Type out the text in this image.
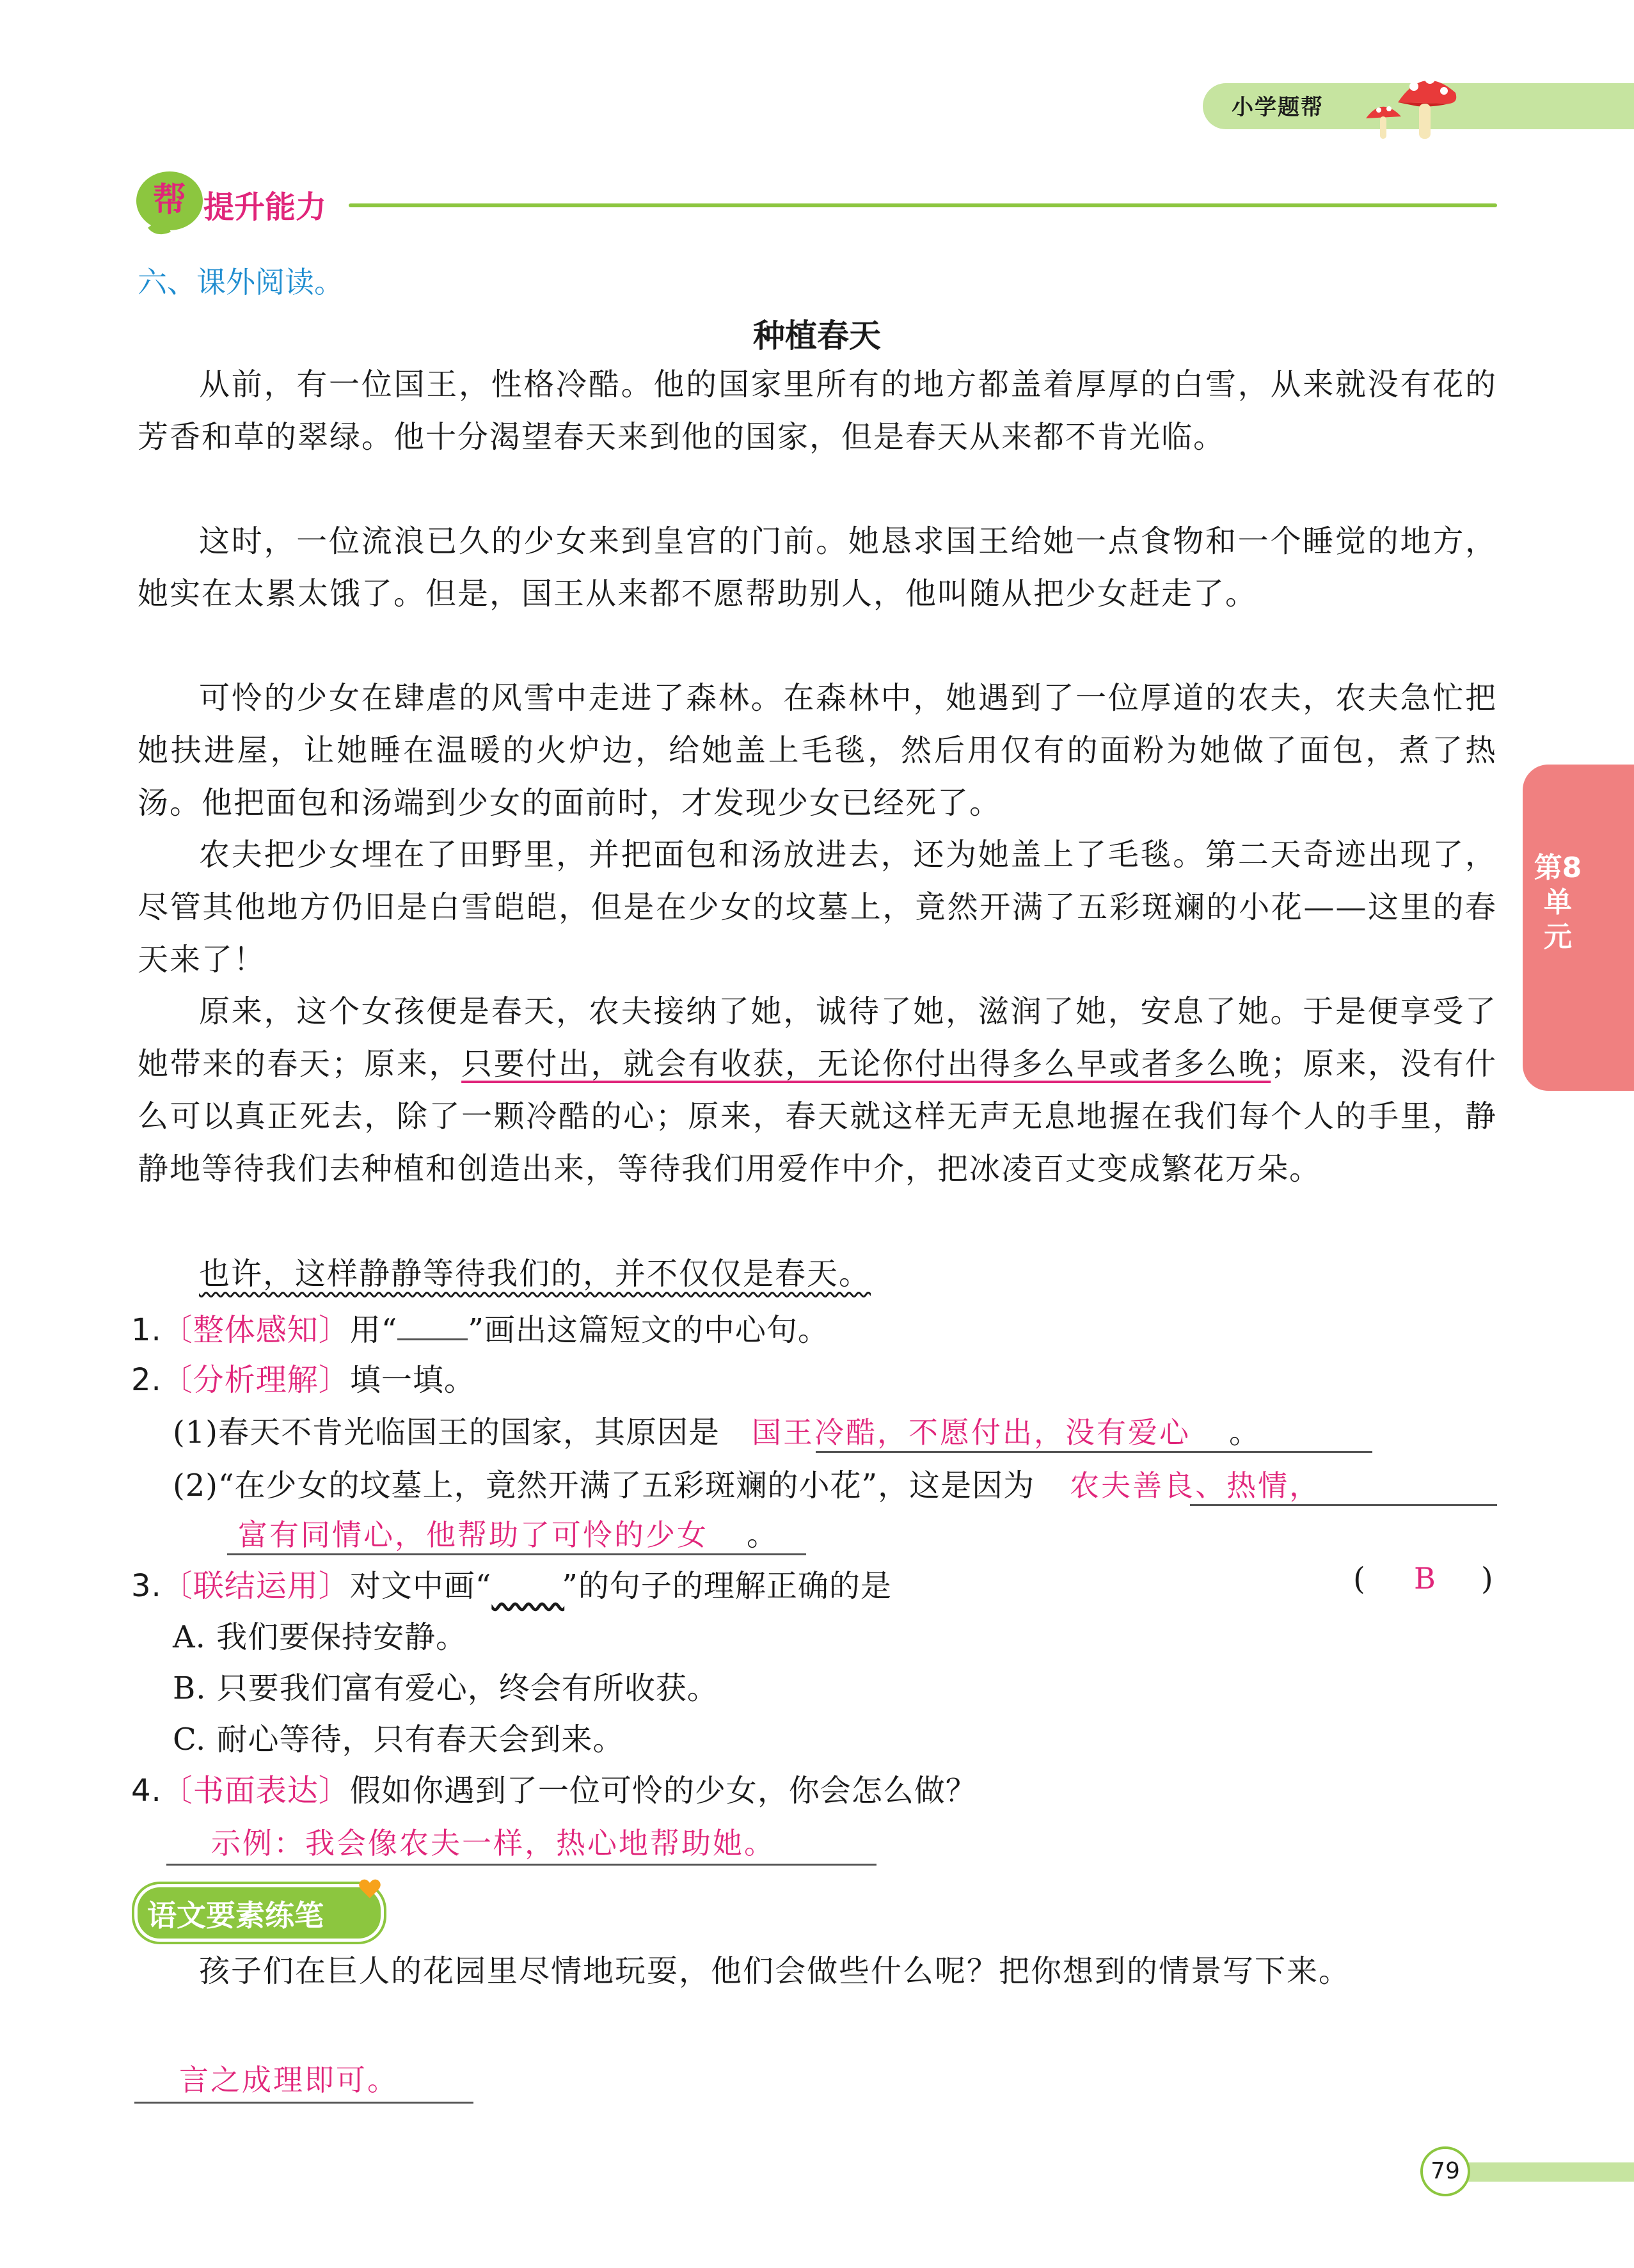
小学题帮
帮 提升能力
六、课外阅读。
种植春天
从前，有一位国王，性格冷酷。他的国家里所有的地方都盖着厚厚的白雪，从来就没有花的芳香和草的翠绿。他十分渴望春天来到他的国家，但是春天从来都不肯光临。
这时，一位流浪已久的少女来到皇宫的门前。她恳求国王给她一点食物和一个睡觉的地方，她实在太累太饿了。但是，国王从来都不愿帮助别人，他叫随从把少女赶走了。
可怜的少女在肆虐的风雪中走进了森林。在森林中，她遇到了一位厚道的农夫，农夫急忙把她扶进屋，让她睡在温暖的火炉边，给她盖上毛毯，然后用仅有的面粉为她做了面包，煮了热汤。他把面包和汤端到少女的面前时，才发现少女已经死了。
农夫把少女埋在了田野里，并把面包和汤放进去，还为她盖上了毛毯。第二天奇迹出现了，尽管其他地方仍旧是白雪皑皑，但是在少女的坟墓上，竟然开满了五彩斑斓的小花——这里的春天来了！
原来，这个女孩便是春天，农夫接纳了她，诚待了她，滋润了她，安息了她。于是便享受了她带来的春天；原来，只要付出，就会有收获，无论你付出得多么早或者多么晚；原来，没有什么可以真正死去，除了一颗冷酷的心；原来，春天就这样无声无息地握在我们每个人的手里，静静地等待我们去种植和创造出来，等待我们用爱作中介，把冰凌百丈变成繁花万朵。
也许，这样静静等待我们的，并不仅仅是春天。
第8单元
1.〔整体感知〕用“ ”画出这篇短文的中心句。
2.〔分析理解〕填一填。
(1)春天不肯光临国王的国家，其原因是 国王冷酷，不愿付出，没有爱心 。
(2)“在少女的坟墓上，竟然开满了五彩斑斓的小花”，这是因为 农夫善良、热情，
富有同情心，他帮助了可怜的少女 。
3.〔联结运用〕对文中画“ ”的句子的理解正确的是	( B )
A. 我们要保持安静。
B. 只要我们富有爱心，终会有所收获。
C. 耐心等待，只有春天会到来。
4.〔书面表达〕假如你遇到了一位可怜的少女，你会怎么做？
示例：我会像农夫一样，热心地帮助她。
语文要素练笔
孩子们在巨人的花园里尽情地玩耍，他们会做些什么呢？把你想到的情景写下来。
言之成理即可。
79
